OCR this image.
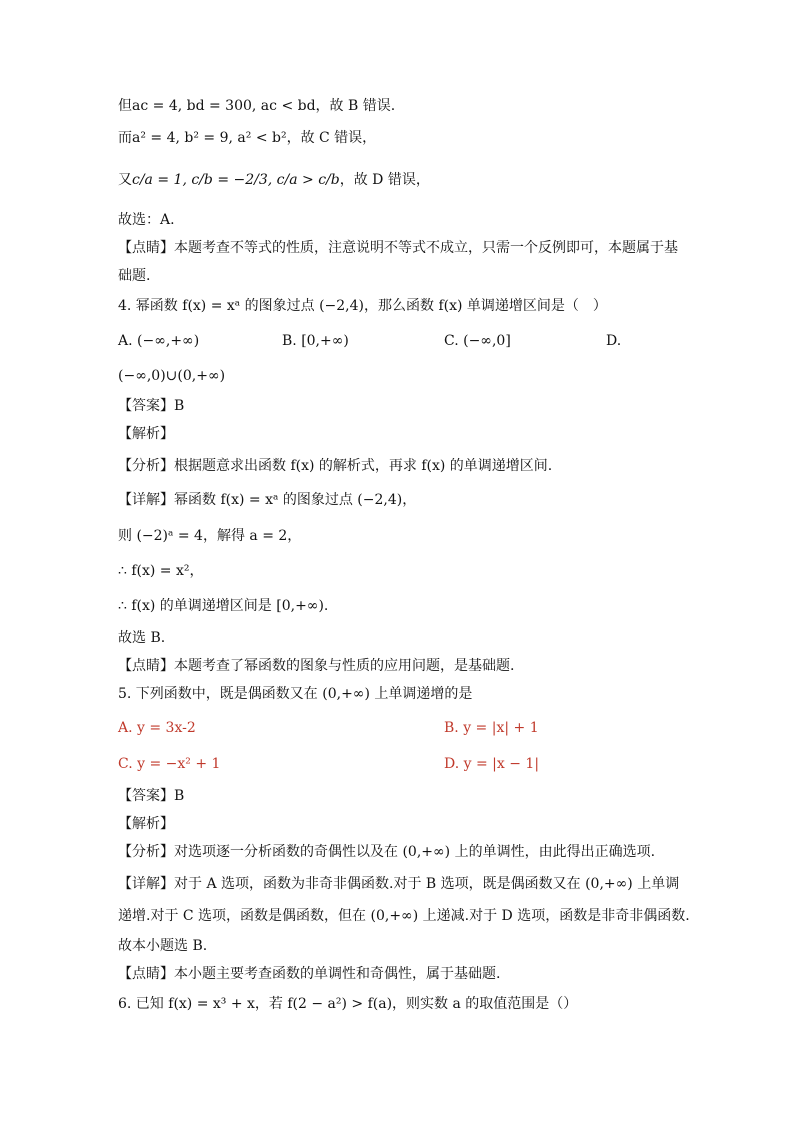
但ac = 4, bd = 300, ac < bd，故 B 错误.
而a² = 4, b² = 9, a² < b²，故 C 错误，
又c/a = 1, c/b = −2/3, c/a > c/b，故 D 错误，
故选：A.
【点睛】本题考查不等式的性质，注意说明不等式不成立，只需一个反例即可，本题属于基
础题.
4. 幂函数 f(x) = xᵃ 的图象过点 (−2,4)，那么函数 f(x) 单调递增区间是（　）
A. (−∞,+∞)	B. [0,+∞)	C. (−∞,0]	D.
(−∞,0)∪(0,+∞)
【答案】B
【解析】
【分析】根据题意求出函数 f(x) 的解析式，再求 f(x) 的单调递增区间.
【详解】幂函数 f(x) = xᵃ 的图象过点 (−2,4)，
则 (−2)ᵃ = 4，解得 a = 2，
∴ f(x) = x²，
∴ f(x) 的单调递增区间是 [0,+∞).
故选 B.
【点睛】本题考查了幂函数的图象与性质的应用问题，是基础题.
5. 下列函数中，既是偶函数又在 (0,+∞) 上单调递增的是
A. y = 3x-2	B. y = |x| + 1
C. y = −x² + 1	D. y = |x − 1|
【答案】B
【解析】
【分析】对选项逐一分析函数的奇偶性以及在 (0,+∞) 上的单调性，由此得出正确选项.
【详解】对于 A 选项，函数为非奇非偶函数.对于 B 选项，既是偶函数又在 (0,+∞) 上单调
递增.对于 C 选项，函数是偶函数，但在 (0,+∞) 上递减.对于 D 选项，函数是非奇非偶函数.
故本小题选 B.
【点睛】本小题主要考查函数的单调性和奇偶性，属于基础题.
6. 已知 f(x) = x³ + x，若 f(2 − a²) > f(a)，则实数 a 的取值范围是（）
